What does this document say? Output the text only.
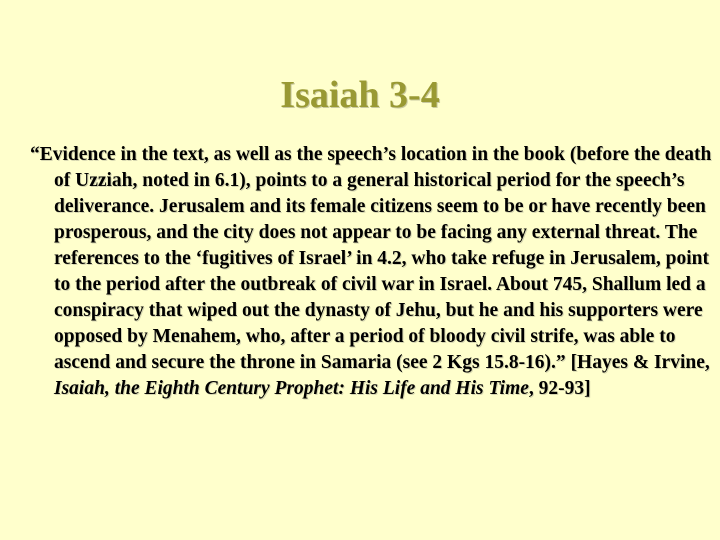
Isaiah 3-4
“Evidence in the text, as well as the speech’s location in the book (before the death of Uzziah, noted in 6.1), points to a general historical period for the speech’s deliverance. Jerusalem and its female citizens seem to be or have recently been prosperous, and the city does not appear to be facing any external threat. The references to the ‘fugitives of Israel’ in 4.2, who take refuge in Jerusalem, point to the period after the outbreak of civil war in Israel. About 745, Shallum led a conspiracy that wiped out the dynasty of Jehu, but he and his supporters were opposed by Menahem, who, after a period of bloody civil strife, was able to ascend and secure the throne in Samaria (see 2 Kgs 15.8-16).” [Hayes & Irvine, Isaiah, the Eighth Century Prophet: His Life and His Time, 92-93]
